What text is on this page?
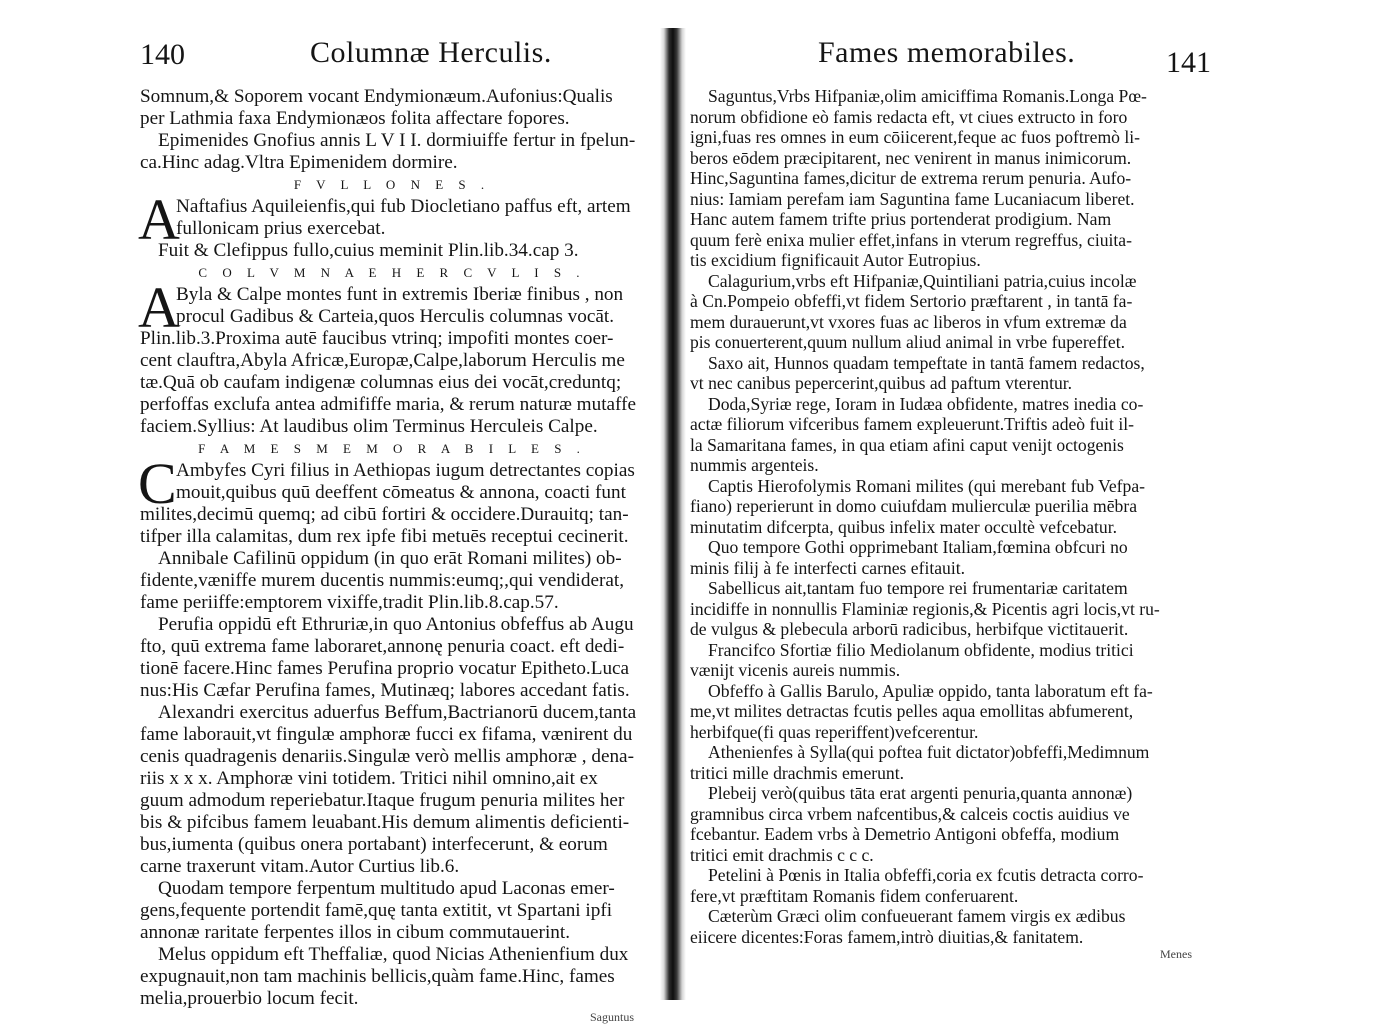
140	Columnæ Herculis.
Somnum,& Soporem vocant Endymionæum.Aufonius:Qualis
per Lathmia faxa Endymionæos folita affectare fopores.
Epimenides Gnofius annis L V I I. dormiuiffe fertur in fpelun-
ca.Hinc adag.Vltra Epimenidem dormire.
F V L L O N E S .
A
Naftafius Aquileienfis,qui fub Diocletiano paffus eft, artem
fullonicam prius exercebat.
Fuit & Clefippus fullo,cuius meminit Plin.lib.34.cap 3.
C O L V M N A E H E R C V L I S .
A
Byla & Calpe montes funt in extremis Iberiæ finibus , non
procul Gadibus & Carteia,quos Herculis columnas vocāt.
Plin.lib.3.Proxima autē faucibus vtrinq; impofiti montes coer-
cent clauftra,Abyla Africæ,Europæ,Calpe,laborum Herculis me
tæ.Quā ob caufam indigenæ columnas eius dei vocāt,creduntq;
perfoffas exclufa antea admififfe maria, & rerum naturæ mutaffe
faciem.Syllius: At laudibus olim Terminus Herculeis Calpe.
F A M E S M E M O R A B I L E S .
C Ambyfes Cyri filius in Aethiopas iugum detrectantes copias
mouit,quibus quū deeffent cōmeatus & annona, coacti funt
milites,decimū quemq; ad cibū fortiri & occidere.Durauitq; tan-
tifper illa calamitas, dum rex ipfe fibi metuēs receptui cecinerit.
Annibale Cafilinū oppidum (in quo erāt Romani milites) ob-
fidente,væniffe murem ducentis nummis:eumq;,qui vendiderat,
fame periiffe:emptorem vixiffe,tradit Plin.lib.8.cap.57.
Perufia oppidū eft Ethruriæ,in quo Antonius obfeffus ab Augu
fto, quū extrema fame laboraret,annonę penuria coact. eft dedi-
tionē facere.Hinc fames Perufina proprio vocatur Epitheto.Luca
nus:His Cæfar Perufina fames, Mutinæq; labores accedant fatis.
Alexandri exercitus aduerfus Beffum,Bactrianorū ducem,tanta
fame laborauit,vt fingulæ amphoræ fucci ex fifama, vænirent du
cenis quadragenis denariis.Singulæ verò mellis amphoræ , dena-
riis x x x. Amphoræ vini totidem. Tritici nihil omnino,ait ex
guum admodum reperiebatur.Itaque frugum penuria milites her
bis & pifcibus famem leuabant.His demum alimentis deficienti-
bus,iumenta (quibus onera portabant) interfecerunt, & eorum
carne traxerunt vitam.Autor Curtius lib.6.
Quodam tempore ferpentum multitudo apud Laconas emer-
gens,fequente portendit famē,quę tanta extitit, vt Spartani ipfi
annonæ raritate ferpentes illos in cibum commutauerint.
Melus oppidum eft Theffaliæ, quod Nicias Athenienfium dux
expugnauit,non tam machinis bellicis,quàm fame.Hinc, fames
melia,prouerbio locum fecit.
Saguntus
Fames memorabiles.	141
Saguntus,Vrbs Hifpaniæ,olim amiciffima Romanis.Longa Pœ-
norum obfidione eò famis redacta eft, vt ciues extructo in foro
igni,fuas res omnes in eum cōiicerent,feque ac fuos poftremò li-
beros eōdem præcipitarent, nec venirent in manus inimicorum.
Hinc,Saguntina fames,dicitur de extrema rerum penuria. Aufo-
nius: Iamiam perefam iam Saguntina fame Lucaniacum liberet.
Hanc autem famem trifte prius portenderat prodigium. Nam
quum ferè enixa mulier effet,infans in vterum regreffus, ciuita-
tis excidium fignificauit Autor Eutropius.
Calagurium,vrbs eft Hifpaniæ,Quintiliani patria,cuius incolæ
à Cn.Pompeio obfeffi,vt fidem Sertorio præftarent , in tantā fa-
mem durauerunt,vt vxores fuas ac liberos in vfum extremæ da
pis conuerterent,quum nullum aliud animal in vrbe fupereffet.
Saxo ait, Hunnos quadam tempeftate in tantā famem redactos,
vt nec canibus pepercerint,quibus ad paftum vterentur.
Doda,Syriæ rege, Ioram in Iudæa obfidente, matres inedia co-
actæ filiorum vifceribus famem expleuerunt.Triftis adeò fuit il-
la Samaritana fames, in qua etiam afini caput venijt octogenis
nummis argenteis.
Captis Hierofolymis Romani milites (qui merebant fub Vefpa-
fiano) reperierunt in domo cuiufdam mulierculæ puerilia mēbra
minutatim difcerpta, quibus infelix mater occultè vefcebatur.
Quo tempore Gothi opprimebant Italiam,fœmina obfcuri no
minis filij à fe interfecti carnes efitauit.
Sabellicus ait,tantam fuo tempore rei frumentariæ caritatem
incidiffe in nonnullis Flaminiæ regionis,& Picentis agri locis,vt ru-
de vulgus & plebecula arborū radicibus, herbifque victitauerit.
Francifco Sfortiæ filio Mediolanum obfidente, modius tritici
vænijt vicenis aureis nummis.
Obfeffo à Gallis Barulo, Apuliæ oppido, tanta laboratum eft fa-
me,vt milites detractas fcutis pelles aqua emollitas abfumerent,
herbifque(fi quas reperiffent)vefcerentur.
Athenienfes à Sylla(qui poftea fuit dictator)obfeffi,Medimnum
tritici mille drachmis emerunt.
Plebeij verò(quibus tāta erat argenti penuria,quanta annonæ)
gramnibus circa vrbem nafcentibus,& calceis coctis auidius ve
fcebantur. Eadem vrbs à Demetrio Antigoni obfeffa, modium
tritici emit drachmis c c c.
Petelini à Pœnis in Italia obfeffi,coria ex fcutis detracta corro-
fere,vt præftitam Romanis fidem conferuarent.
Cæterùm Græci olim confueuerant famem virgis ex ædibus
eiicere dicentes:Foras famem,intrò diuitias,& fanitatem.
Menes
